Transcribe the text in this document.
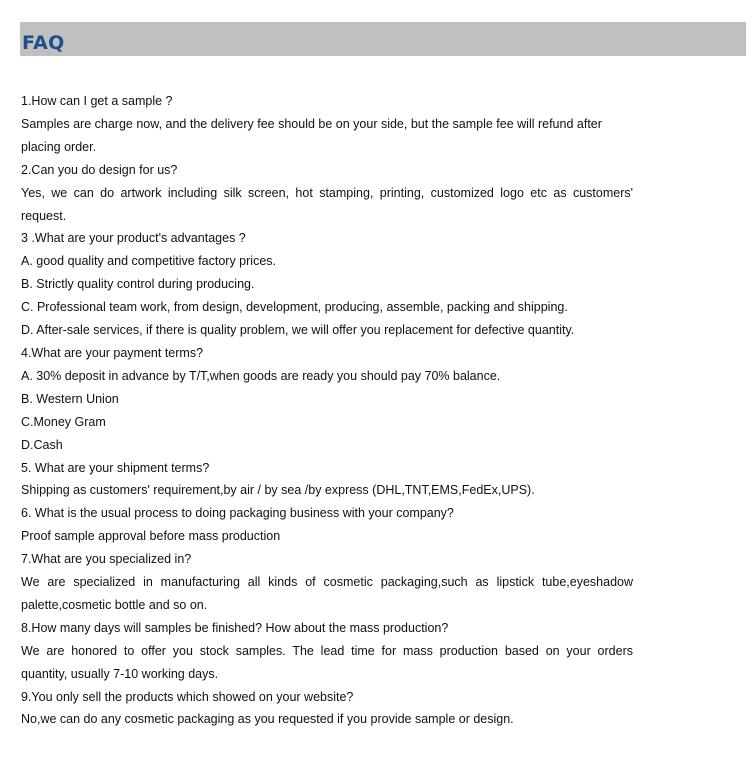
FAQ

1.How can I get a sample ?

Samples are charge now, and the delivery fee should be on your side, but the sample fee will refund after

placing order.

2.Can you do design for us?

Yes, we can do artwork including silk screen, hot stamping, printing, customized logo etc as customers'

request.

3 .What are your product's advantages ?

A. good quality and competitive factory prices.

B. Strictly quality control during producing.

C. Professional team work, from design, development, producing, assemble, packing and shipping.

D. After-sale services, if there is quality problem, we will offer you replacement for defective quantity.

4.What are your payment terms?

A. 30% deposit in advance by T/T,when goods are ready you should pay 70% balance.

B. Western Union

C.Money Gram

D.Cash

5. What are your shipment terms?

Shipping as customers' requirement,by air / by sea /by express (DHL,TNT,EMS,FedEx,UPS).

6. What is the usual process to doing packaging business with your company?

Proof sample approval before mass production

7.What are you specialized in?

We are specialized in manufacturing all kinds of cosmetic packaging,such as lipstick tube,eyeshadow

palette,cosmetic bottle and so on.

8.How many days will samples be finished? How about the mass production?

We are honored to offer you stock samples. The lead time for mass production based on your orders

quantity, usually 7-10 working days.

9.You only sell the products which showed on your website?

No,we can do any cosmetic packaging as you requested if you provide sample or design.
